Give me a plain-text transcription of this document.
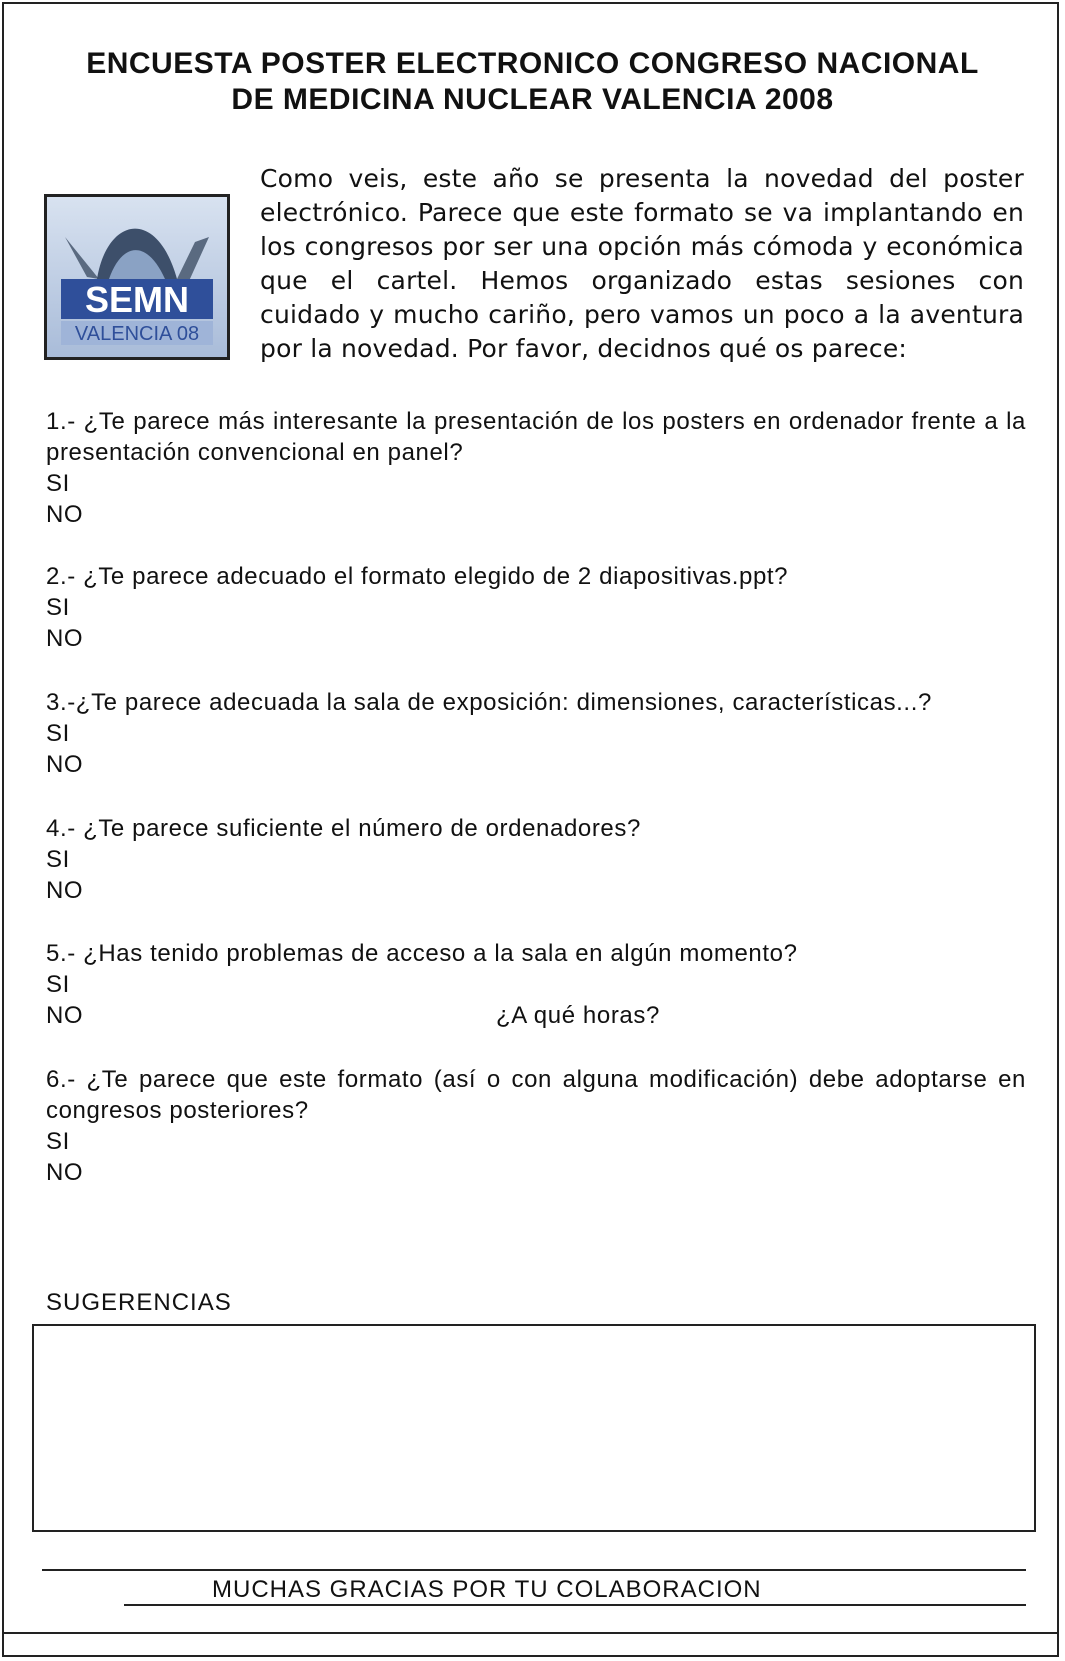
ENCUESTA POSTER ELECTRONICO CONGRESO NACIONAL
DE MEDICINA NUCLEAR VALENCIA 2008
SEMN
VALENCIA 08
Como veis, este año se presenta la novedad del poster electrónico. Parece que este formato se va implantando en los congresos por ser una opción más cómoda y económica que el cartel. Hemos organizado estas sesiones con cuidado y mucho cariño, pero vamos un poco a la aventura por la novedad. Por favor, decidnos qué os parece:
1.- ¿Te parece más interesante la presentación de los posters en ordenador frente a la presentación convencional en panel?
SI
NO
2.- ¿Te parece adecuado el formato elegido de 2 diapositivas.ppt?
SI
NO
3.-¿Te parece adecuada la sala de exposición: dimensiones, características...?
SI
NO
4.- ¿Te parece suficiente el número de ordenadores?
SI
NO
5.- ¿Has tenido problemas de acceso a la sala en algún momento?
SI
NO	¿A qué horas?
6.- ¿Te parece que este formato (así o con alguna modificación) debe adoptarse en congresos posteriores?
SI
NO
SUGERENCIAS
MUCHAS GRACIAS POR TU COLABORACION
